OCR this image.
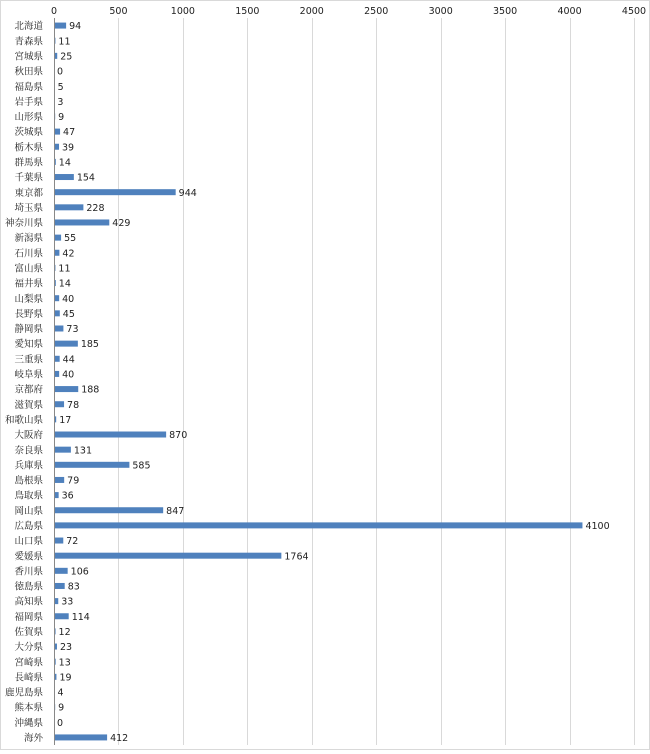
0	500	1000	1500	2000	2500	3000	3500	4000	4500
北海道
青森県
宮城県
秋田県
福島県
岩手県
山形県
茨城県
栃木県
群馬県
千葉県
東京都
埼玉県
神奈川県
新潟県
石川県
富山県
福井県
山梨県
長野県
静岡県
愛知県
三重県
岐阜県
京都府
滋賀県
和歌山県
大阪府
奈良県
兵庫県
島根県
鳥取県
岡山県
広島県
山口県
愛媛県
香川県
徳島県
高知県
福岡県
佐賀県
大分県
宮崎県
長崎県
鹿児島県
熊本県
沖縄県
海外
94
11
25
0
5
3
9
47
39
14
154
944
228
429
55
42
11
14
40
45
73
185
44
40
188
78
17
870
131
585
79
36
847
4100
72
1764
106
83
33
114
12
23
13
19
4
9
0
412
